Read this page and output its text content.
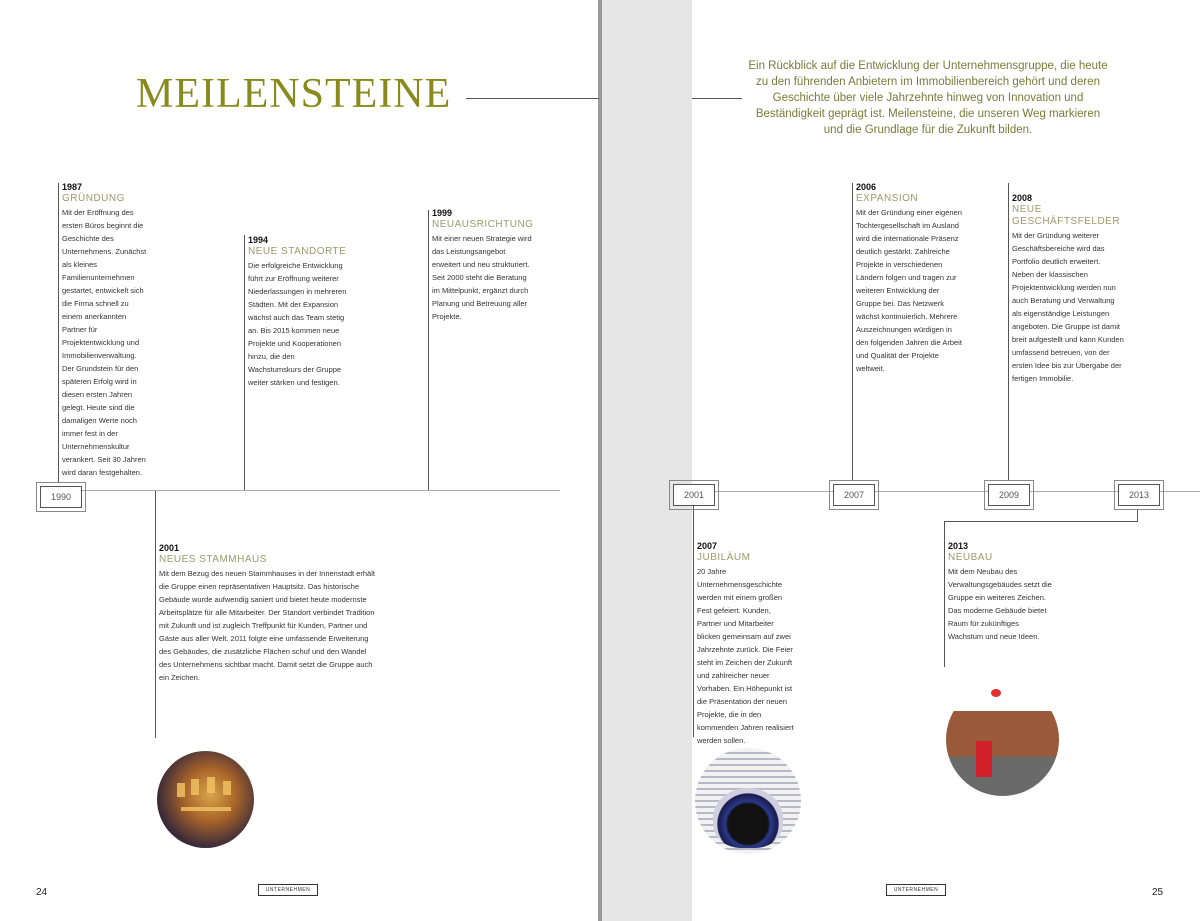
MEILENSTEINE

Ein Rückblick auf die Entwicklung der Unternehmensgruppe, die heute zu den führenden Anbietern im Immobilienbereich gehört und deren Geschichte über viele Jahrzehnte hinweg von Innovation und Beständigkeit geprägt ist. Meilensteine, die unseren Weg markieren und die Grundlage für die Zukunft bilden.

1990	2001	2007	2009	2013
1987
GRÜNDUNG
Mit der Eröffnung des ersten Büros beginnt die Geschichte des Unternehmens. Zunächst als kleines Familienunternehmen gestartet, entwickelt sich die Firma schnell zu einem anerkannten Partner für Projektentwicklung und Immobilienverwaltung. Der Grundstein für den späteren Erfolg wird in diesen ersten Jahren gelegt. Heute sind die damaligen Werte noch immer fest in der Unternehmenskultur verankert. Seit 30 Jahren wird daran festgehalten.
1994
NEUE STANDORTE
Die erfolgreiche Entwicklung führt zur Eröffnung weiterer Niederlassungen in mehreren Städten. Mit der Expansion wächst auch das Team stetig an. Bis 2015 kommen neue Projekte und Kooperationen hinzu, die den Wachstumskurs der Gruppe weiter stärken und festigen.
1999
NEUAUSRICHTUNG
Mit einer neuen Strategie wird das Leistungsangebot erweitert und neu strukturiert. Seit 2000 steht die Beratung im Mittelpunkt, ergänzt durch Planung und Betreuung aller Projekte.
2001
NEUES STAMMHAUS
Mit dem Bezug des neuen Stammhauses in der Innenstadt erhält die Gruppe einen repräsentativen Hauptsitz. Das historische Gebäude wurde aufwendig saniert und bietet heute modernste Arbeitsplätze für alle Mitarbeiter. Der Standort verbindet Tradition mit Zukunft und ist zugleich Treffpunkt für Kunden, Partner und Gäste aus aller Welt. 2011 folgte eine umfassende Erweiterung des Gebäudes, die zusätzliche Flächen schuf und den Wandel des Unternehmens sichtbar macht. Damit setzt die Gruppe auch ein Zeichen.
2006
EXPANSION
Mit der Gründung einer eigenen Tochtergesellschaft im Ausland wird die internationale Präsenz deutlich gestärkt. Zahlreiche Projekte in verschiedenen Ländern folgen und tragen zur weiteren Entwicklung der Gruppe bei. Das Netzwerk wächst kontinuierlich. Mehrere Auszeichnungen würdigen in den folgenden Jahren die Arbeit und Qualität der Projekte weltweit.
2007
JUBILÄUM
20 Jahre Unternehmensgeschichte werden mit einem großen Fest gefeiert. Kunden, Partner und Mitarbeiter blicken gemeinsam auf zwei Jahrzehnte zurück. Die Feier steht im Zeichen der Zukunft und zahlreicher neuer Vorhaben. Ein Höhepunkt ist die Präsentation der neuen Projekte, die in den kommenden Jahren realisiert werden sollen.
2008
NEUE GESCHÄFTSFELDER
Mit der Gründung weiterer Geschäftsbereiche wird das Portfolio deutlich erweitert. Neben der klassischen Projektentwicklung werden nun auch Beratung und Verwaltung als eigenständige Leistungen angeboten. Die Gruppe ist damit breit aufgestellt und kann Kunden umfassend betreuen, von der ersten Idee bis zur Übergabe der fertigen Immobilie.
2013
NEUBAU
Mit dem Neubau des Verwaltungsgebäudes setzt die Gruppe ein weiteres Zeichen. Das moderne Gebäude bietet Raum für zukünftiges Wachstum und neue Ideen.
24	UNTERNEHMEN	UNTERNEHMEN	25
